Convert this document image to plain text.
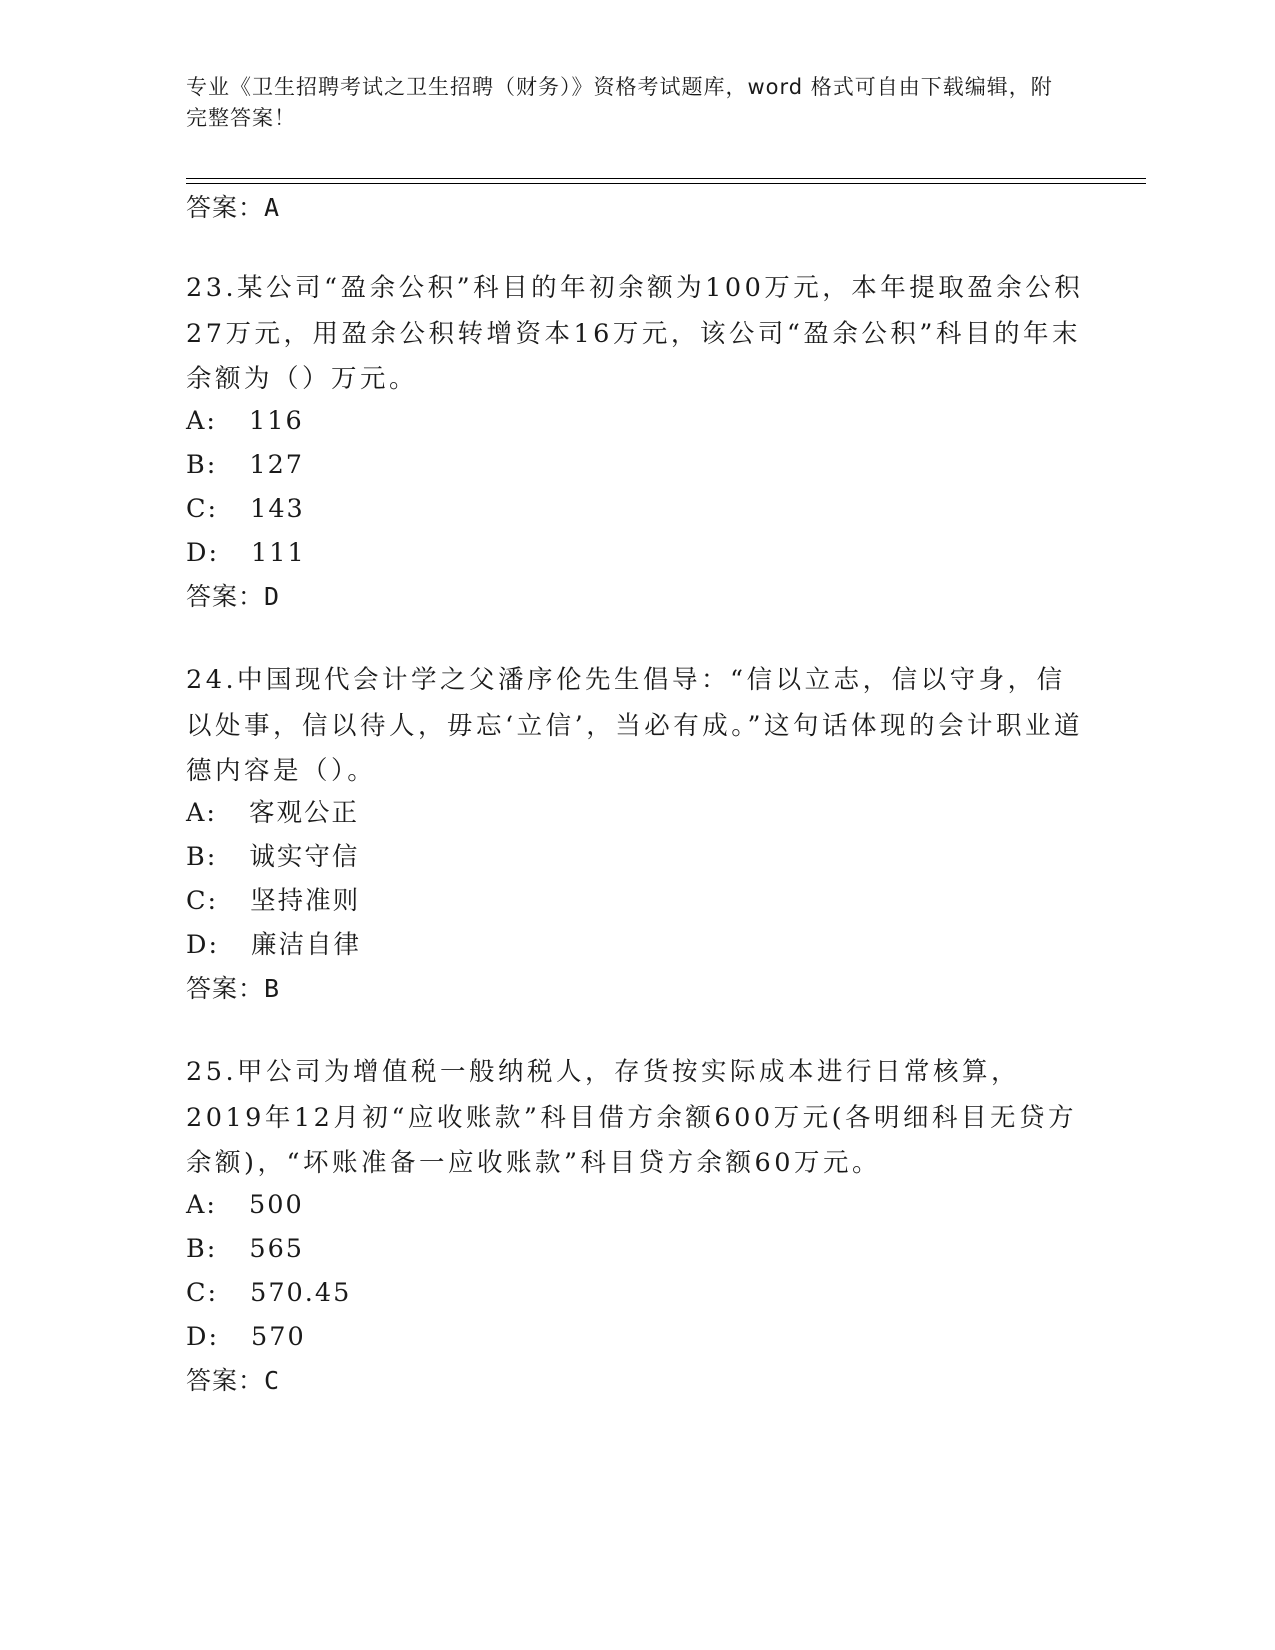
专业《卫生招聘考试之卫生招聘（财务）》资格考试题库，word 格式可自由下载编辑，附完整答案！
答案：A
23.某公司“盈余公积”科目的年初余额为100万元，本年提取盈余公积27万元，用盈余公积转增资本16万元，该公司“盈余公积”科目的年末余额为（）万元。
A: 116
B: 127
C: 143
D: 111
答案：D
24.中国现代会计学之父潘序伦先生倡导：“信以立志，信以守身，信以处事，信以待人，毋忘‘立信’，当必有成。”这句话体现的会计职业道德内容是（）。
A: 客观公正
B: 诚实守信
C: 坚持准则
D: 廉洁自律
答案：B
25.甲公司为增值税一般纳税人，存货按实际成本进行日常核算，2019年12月初“应收账款”科目借方余额600万元(各明细科目无贷方余额)，“坏账准备一应收账款”科目贷方余额60万元。
A: 500
B: 565
C: 570.45
D: 570
答案：C
